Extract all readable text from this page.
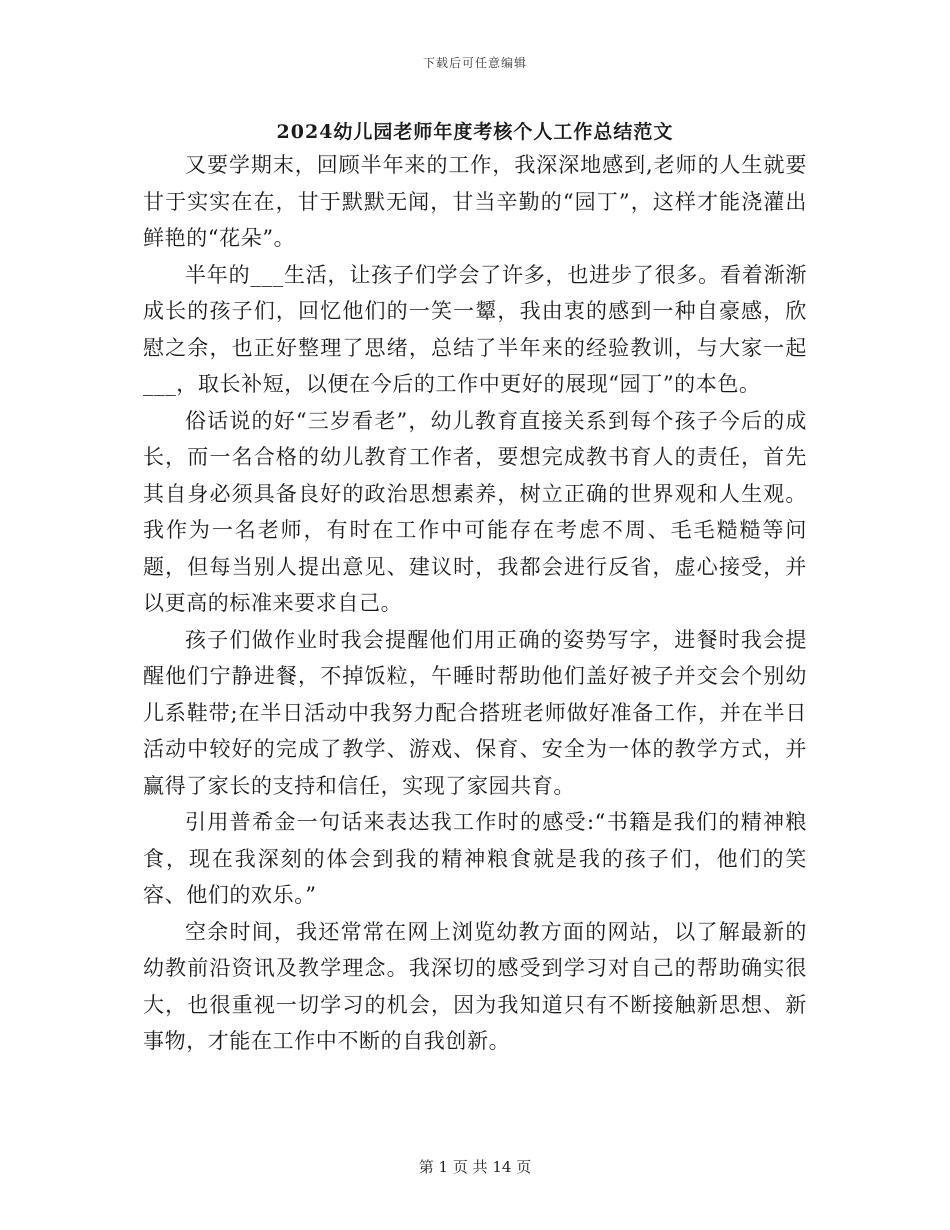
下载后可任意编辑
2024幼儿园老师年度考核个人工作总结范文

又要学期末，回顾半年来的工作，我深深地感到,老师的人生就要甘于实实在在，甘于默默无闻，甘当辛勤的“园丁”，这样才能浇灌出鲜艳的“花朵”。

半年的___生活，让孩子们学会了许多，也进步了很多。看着渐渐成长的孩子们，回忆他们的一笑一颦，我由衷的感到一种自豪感，欣慰之余，也正好整理了思绪，总结了半年来的经验教训，与大家一起___，取长补短，以便在今后的工作中更好的展现“园丁”的本色。

俗话说的好“三岁看老”，幼儿教育直接关系到每个孩子今后的成长，而一名合格的幼儿教育工作者，要想完成教书育人的责任，首先其自身必须具备良好的政治思想素养，树立正确的世界观和人生观。我作为一名老师，有时在工作中可能存在考虑不周、毛毛糙糙等问题，但每当别人提出意见、建议时，我都会进行反省，虚心接受，并以更高的标准来要求自己。

孩子们做作业时我会提醒他们用正确的姿势写字，进餐时我会提醒他们宁静进餐，不掉饭粒，午睡时帮助他们盖好被子并交会个别幼儿系鞋带;在半日活动中我努力配合搭班老师做好准备工作，并在半日活动中较好的完成了教学、游戏、保育、安全为一体的教学方式，并赢得了家长的支持和信任，实现了家园共育。

引用普希金一句话来表达我工作时的感受:“书籍是我们的精神粮食，现在我深刻的体会到我的精神粮食就是我的孩子们，他们的笑容、他们的欢乐。”

空余时间，我还常常在网上浏览幼教方面的网站，以了解最新的幼教前沿资讯及教学理念。我深切的感受到学习对自己的帮助确实很大，也很重视一切学习的机会，因为我知道只有不断接触新思想、新事物，才能在工作中不断的自我创新。

第 1 页 共 14 页
